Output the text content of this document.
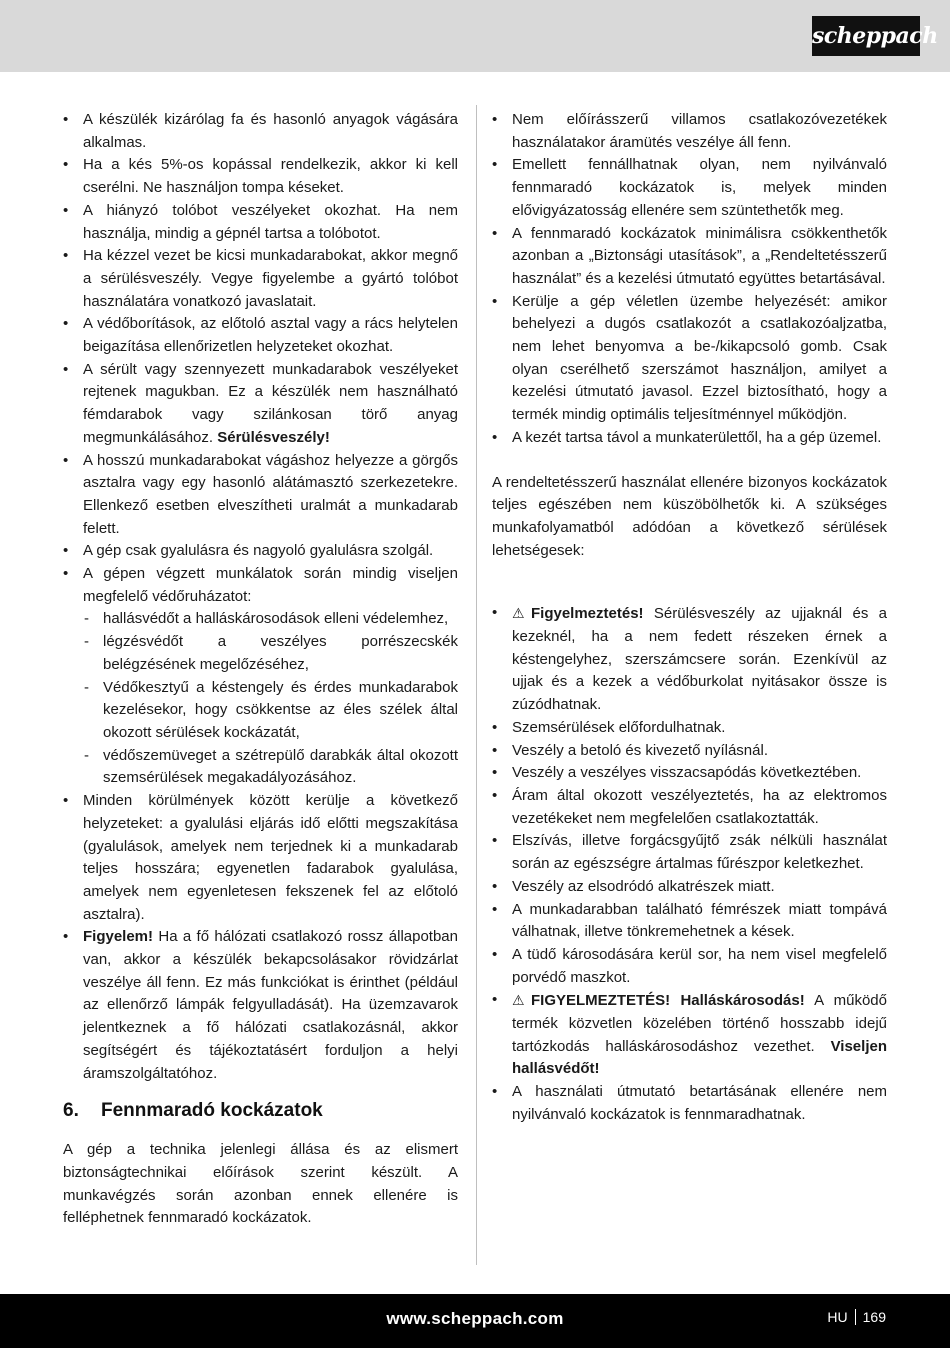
scheppach
• A készülék kizárólag fa és hasonló anyagok vágására alkalmas.
• Ha a kés 5%-os kopással rendelkezik, akkor ki kell cserélni. Ne használjon tompa késeket.
• A hiányzó tolóbot veszélyeket okozhat. Ha nem használja, mindig a gépnél tartsa a tolóbotot.
• Ha kézzel vezet be kicsi munkadarabokat, akkor megnő a sérülésveszély. Vegye figyelembe a gyártó tolóbot használatára vonatkozó javaslatait.
• A védőborítások, az előtoló asztal vagy a rács helytelen beigazítása ellenőrizetlen helyzeteket okozhat.
• A sérült vagy szennyezett munkadarabok veszélyeket rejtenek magukban. Ez a készülék nem használható fémdarabok vagy szilánkosan törő anyag megmunkálásához. Sérülésveszély!
• A hosszú munkadarabokat vágáshoz helyezze a görgős asztalra vagy egy hasonló alátámasztó szerkezetekre. Ellenkező esetben elveszítheti uralmát a munkadarab felett.
• A gép csak gyalulásra és nagyoló gyalulásra szolgál.
• A gépen végzett munkálatok során mindig viseljen megfelelő védőruházatot:
- hallásvédőt a halláskárosodások elleni védelemhez,
- légzésvédőt a veszélyes porrészecskék belégzésének megelőzéséhez,
- Védőkesztyű a késtengely és érdes munkadarabok kezelésekor, hogy csökkentse az éles szélek által okozott sérülések kockázatát,
- védőszemüveget a szétrepülő darabkák által okozott szemsérülések megakadályozásához.
• Minden körülmények között kerülje a következő helyzeteket: a gyalulási eljárás idő előtti megszakítása (gyalulások, amelyek nem terjednek ki a munkadarab teljes hosszára; egyenetlen fadarabok gyalulása, amelyek nem egyenletesen fekszenek fel az előtoló asztalra).
• Figyelem! Ha a fő hálózati csatlakozó rossz állapotban van, akkor a készülék bekapcsolásakor rövidzárlat veszélye áll fenn. Ez más funkciókat is érinthet (például az ellenőrző lámpák felgyulladását). Ha üzemzavarok jelentkeznek a fő hálózati csatlakozásnál, akkor segítségért és tájékoztatásért forduljon a helyi áramszolgáltatóhoz.
6.	Fennmaradó kockázatok

A gép a technika jelenlegi állása és az elismert biztonságtechnikai előírások szerint készült. A munkavégzés során azonban ennek ellenére is felléphetnek fennmaradó kockázatok.

• Nem előírásszerű villamos csatlakozóvezetékek használatakor áramütés veszélye áll fenn.
• Emellett fennállhatnak olyan, nem nyilvánvaló fennmaradó kockázatok is, melyek minden elővigyázatosság ellenére sem szüntethetők meg.
• A fennmaradó kockázatok minimálisra csökkenthetők azonban a „Biztonsági utasítások”, a „Rendeltetésszerű használat” és a kezelési útmutató együttes betartásával.
• Kerülje a gép véletlen üzembe helyezését: amikor behelyezi a dugós csatlakozót a csatlakozóaljzatba, nem lehet benyomva a be-/kikapcsoló gomb. Csak olyan cserélhető szerszámot használjon, amilyet a kezelési útmutató javasol. Ezzel biztosítható, hogy a termék mindig optimális teljesítménnyel működjön.
• A kezét tartsa távol a munkaterülettől, ha a gép üzemel.

A rendeltetésszerű használat ellenére bizonyos kockázatok teljes egészében nem küszöbölhetők ki. A szükséges munkafolyamatból adódóan a következő sérülések lehetségesek:

• ⚠ Figyelmeztetés! Sérülésveszély az ujjaknál és a kezeknél, ha a nem fedett részeken érnek a késtengelyhez, szerszámcsere során. Ezenkívül az ujjak és a kezek a védőburkolat nyitásakor össze is zúzódhatnak.
• Szemsérülések előfordulhatnak.
• Veszély a betoló és kivezető nyílásnál.
• Veszély a veszélyes visszacsapódás következtében.
• Áram által okozott veszélyeztetés, ha az elektromos vezetékeket nem megfelelően csatlakoztatták.
• Elszívás, illetve forgácsgyűjtő zsák nélküli használat során az egészségre ártalmas fűrészpor keletkezhet.
• Veszély az elsodródó alkatrészek miatt.
• A munkadarabban található fémrészek miatt tompává válhatnak, illetve tönkremehetnek a kések.
• A tüdő károsodására kerül sor, ha nem visel megfelelő porvédő maszkot.
• ⚠ FIGYELMEZTETÉS! Halláskárosodás! A működő termék közvetlen közelében történő hosszabb idejű tartózkodás halláskárosodáshoz vezethet. Viseljen hallásvédőt!
• A használati útmutató betartásának ellenére nem nyilvánvaló kockázatok is fennmaradhatnak.
www.scheppach.com	HU 169
